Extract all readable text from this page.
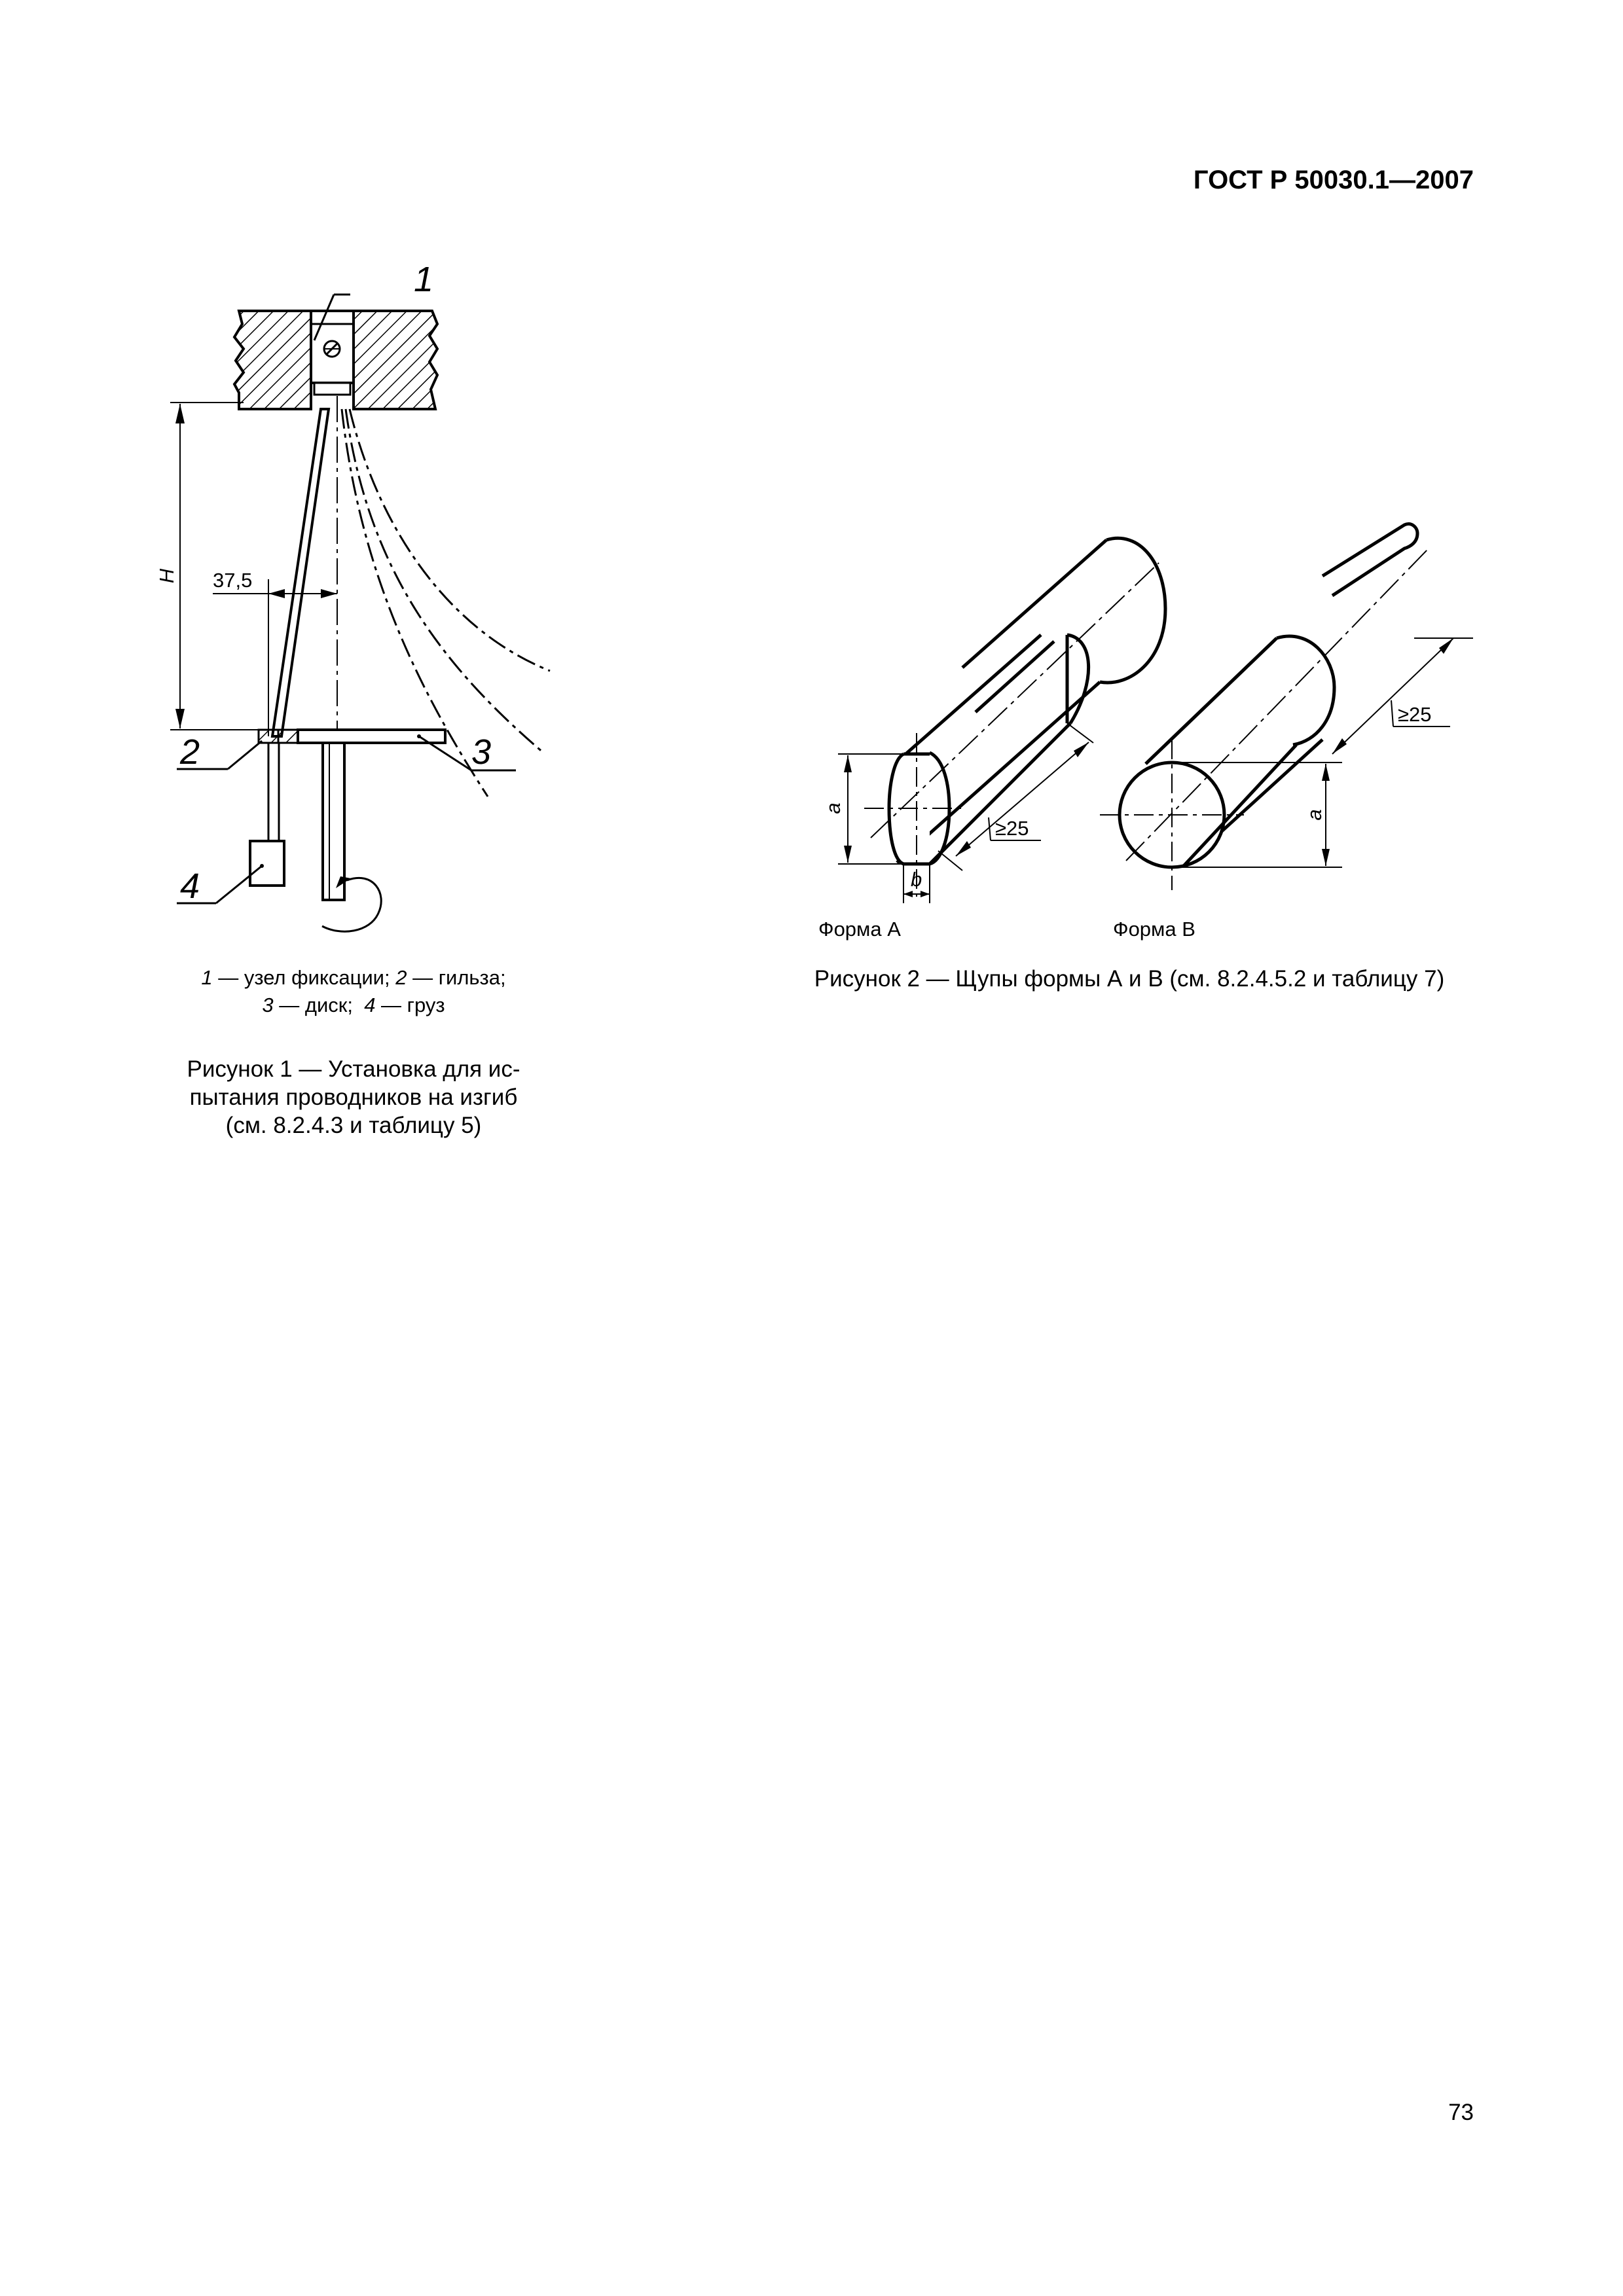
ГОСТ Р 50030.1—2007
1
H 37,5
2	3
4
1 — узел фиксации; 2 — гильза;
3 — диск;  4 — груз
Рисунок 1 — Установка для ис-
пытания проводников на изгиб
(см. 8.2.4.3 и таблицу 5)
a
b
≥25
Форма А
a
≥25
Форма В
Рисунок 2 — Щупы формы А и В (см. 8.2.4.5.2 и таблицу 7)
73
